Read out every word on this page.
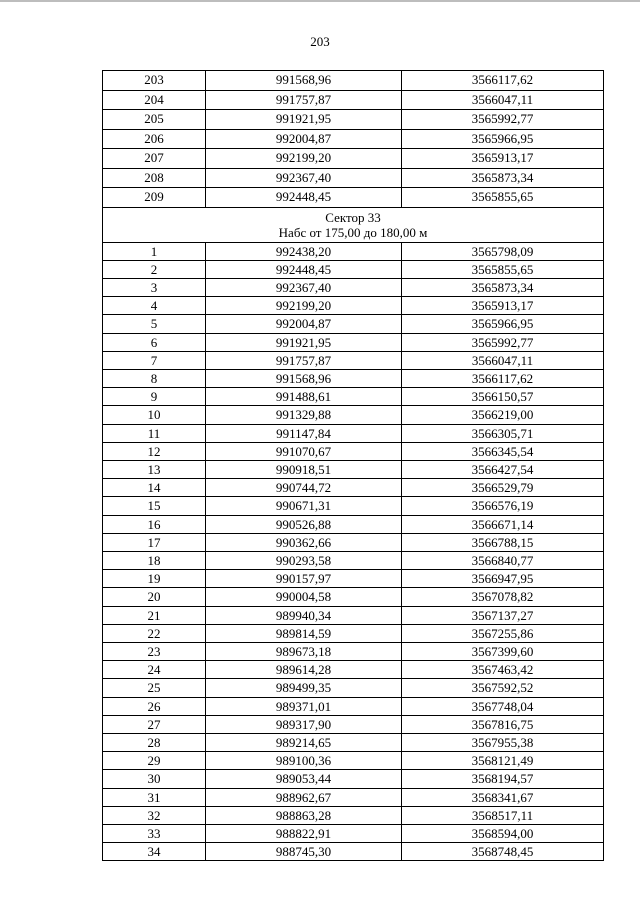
203
203	991568,96	3566117,62
204	991757,87	3566047,11
205	991921,95	3565992,77
206	992004,87	3565966,95
207	992199,20	3565913,17
208	992367,40	3565873,34
209	992448,45	3565855,65

Сектор 33
Набс от 175,00 до 180,00 м		

1	992438,20	3565798,09
2	992448,45	3565855,65
3	992367,40	3565873,34
4	992199,20	3565913,17
5	992004,87	3565966,95
6	991921,95	3565992,77
7	991757,87	3566047,11
8	991568,96	3566117,62
9	991488,61	3566150,57
10	991329,88	3566219,00
11	991147,84	3566305,71
12	991070,67	3566345,54
13	990918,51	3566427,54
14	990744,72	3566529,79
15	990671,31	3566576,19
16	990526,88	3566671,14
17	990362,66	3566788,15
18	990293,58	3566840,77
19	990157,97	3566947,95
20	990004,58	3567078,82
21	989940,34	3567137,27
22	989814,59	3567255,86
23	989673,18	3567399,60
24	989614,28	3567463,42
25	989499,35	3567592,52
26	989371,01	3567748,04
27	989317,90	3567816,75
28	989214,65	3567955,38
29	989100,36	3568121,49
30	989053,44	3568194,57
31	988962,67	3568341,67
32	988863,28	3568517,11
33	988822,91	3568594,00
34	988745,30	3568748,45
